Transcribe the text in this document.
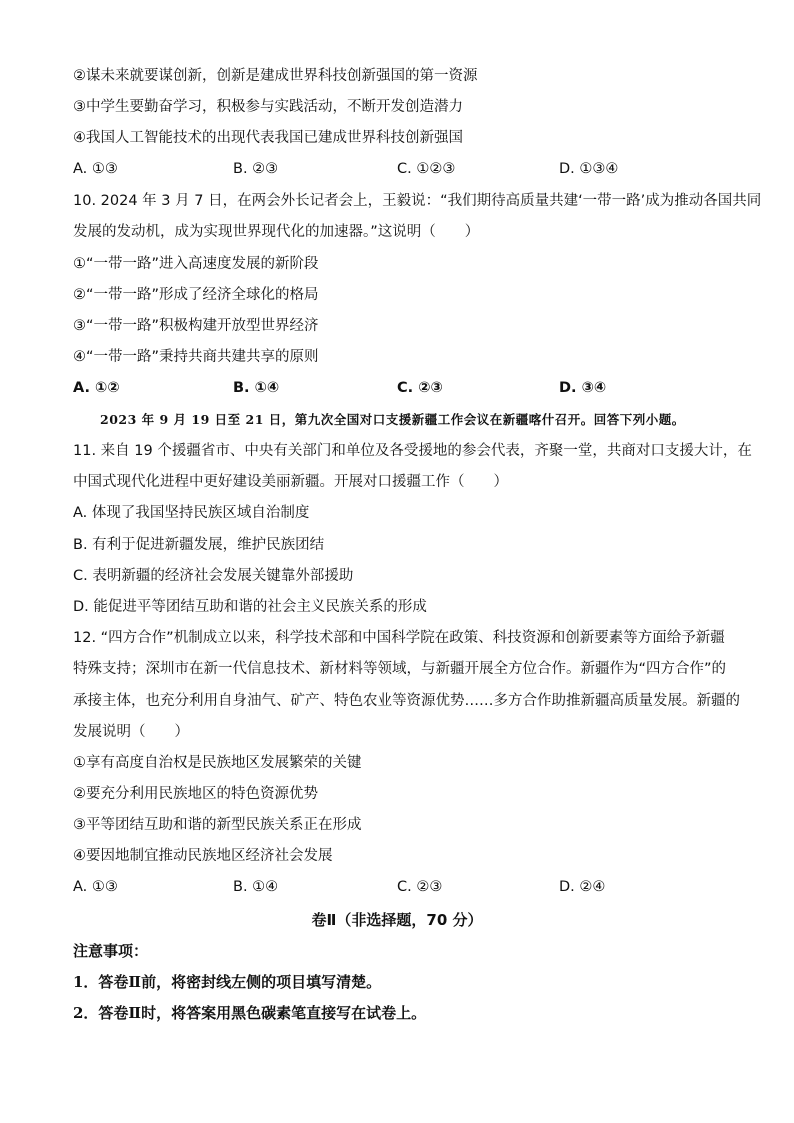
②谋未来就要谋创新，创新是建成世界科技创新强国的第一资源
③中学生要勤奋学习，积极参与实践活动，不断开发创造潜力
④我国人工智能技术的出现代表我国已建成世界科技创新强国
A. ①③	B. ②③	C. ①②③	D. ①③④
10. 2024 年 3 月 7 日，在两会外长记者会上，王毅说：“我们期待高质量共建‘一带一路’成为推动各国共同
发展的发动机，成为实现世界现代化的加速器。”这说明（　　）
①“一带一路”进入高速度发展的新阶段
②“一带一路”形成了经济全球化的格局
③“一带一路”积极构建开放型世界经济
④“一带一路”秉持共商共建共享的原则
A. ①②	B. ①④	C. ②③	D. ③④
2023 年 9 月 19 日至 21 日，第九次全国对口支援新疆工作会议在新疆喀什召开。回答下列小题。
11. 来自 19 个援疆省市、中央有关部门和单位及各受援地的参会代表，齐聚一堂，共商对口支援大计，在
中国式现代化进程中更好建设美丽新疆。开展对口援疆工作（　　）
A. 体现了我国坚持民族区域自治制度
B. 有利于促进新疆发展，维护民族团结
C. 表明新疆的经济社会发展关键靠外部援助
D. 能促进平等团结互助和谐的社会主义民族关系的形成
12. “四方合作”机制成立以来，科学技术部和中国科学院在政策、科技资源和创新要素等方面给予新疆
特殊支持；深圳市在新一代信息技术、新材料等领域，与新疆开展全方位合作。新疆作为“四方合作”的
承接主体，也充分利用自身油气、矿产、特色农业等资源优势……多方合作助推新疆高质量发展。新疆的
发展说明（　　）
①享有高度自治权是民族地区发展繁荣的关键
②要充分利用民族地区的特色资源优势
③平等团结互助和谐的新型民族关系正在形成
④要因地制宜推动民族地区经济社会发展
A. ①③	B. ①④	C. ②③	D. ②④
卷Ⅱ（非选择题，70 分）
注意事项：
1．答卷Ⅱ前，将密封线左侧的项目填写清楚。
2．答卷Ⅱ时，将答案用黑色碳素笔直接写在试卷上。
